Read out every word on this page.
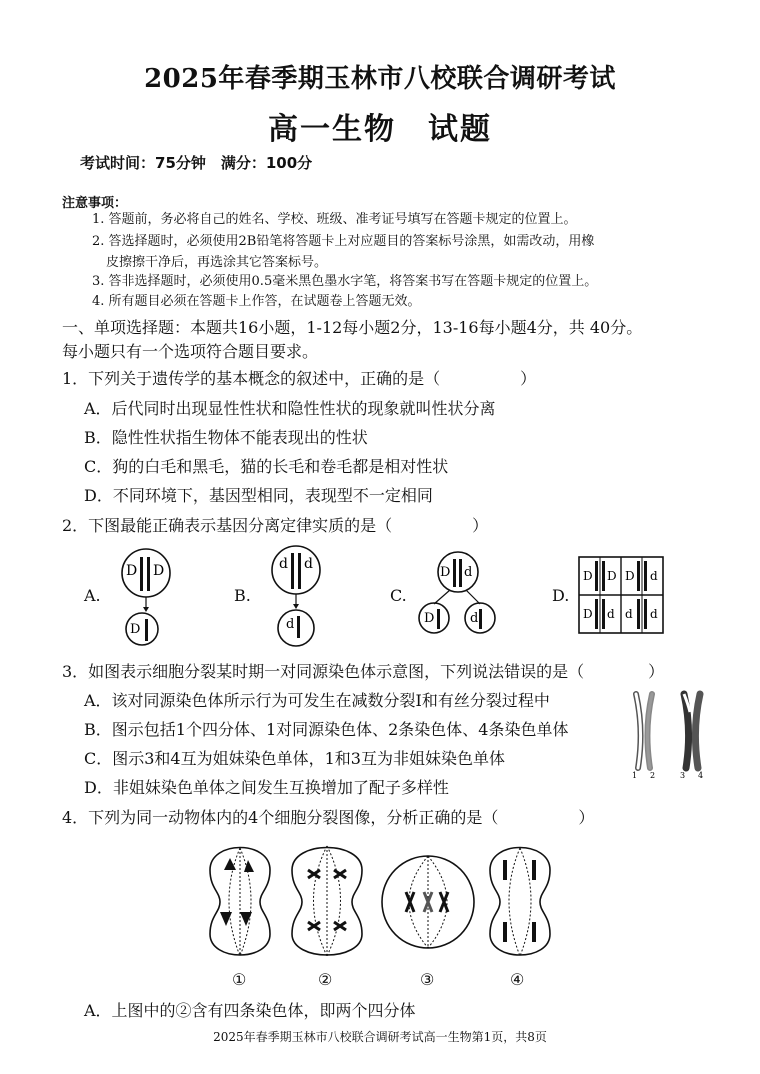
2025年春季期玉林市八校联合调研考试
高一生物　试题
考试时间：75分钟　满分：100分
注意事项：
1. 答题前，务必将自己的姓名、学校、班级、准考证号填写在答题卡规定的位置上。
2. 答选择题时，必须使用2B铅笔将答题卡上对应题目的答案标号涂黑，如需改动，用橡
皮擦擦干净后，再选涂其它答案标号。
3. 答非选择题时，必须使用0.5毫米黑色墨水字笔，将答案书写在答题卡规定的位置上。
4. 所有题目必须在答题卡上作答，在试题卷上答题无效。
一、单项选择题：本题共16小题，1-12每小题2分，13-16每小题4分，共 40分。
每小题只有一个选项符合题目要求。
1．下列关于遗传学的基本概念的叙述中，正确的是（　　　　　）
A．后代同时出现显性性状和隐性性状的现象就叫性状分离
B．隐性性状指生物体不能表现出的性状
C．狗的白毛和黑毛，猫的长毛和卷毛都是相对性状
D．不同环境下，基因型相同，表现型不一定相同
2．下图最能正确表示基因分离定律实质的是（　　　　　）
A.	B.	C.	D.
D D
D
d d
d
D d
D	d
D D D d
D d d d
3．如图表示细胞分裂某时期一对同源染色体示意图，下列说法错误的是（　　　　）
A．该对同源染色体所示行为可发生在减数分裂Ⅰ和有丝分裂过程中
B．图示包括1个四分体、1对同源染色体、2条染色体、4条染色单体
C．图示3和4互为姐妹染色单体，1和3互为非姐妹染色单体
D．非姐妹染色单体之间发生互换增加了配子多样性
1 2	3 4
4．下列为同一动物体内的4个细胞分裂图像，分析正确的是（　　　　　）
①	②	③	④
A．上图中的②含有四条染色体，即两个四分体
2025年春季期玉林市八校联合调研考试高一生物第1页，共8页
